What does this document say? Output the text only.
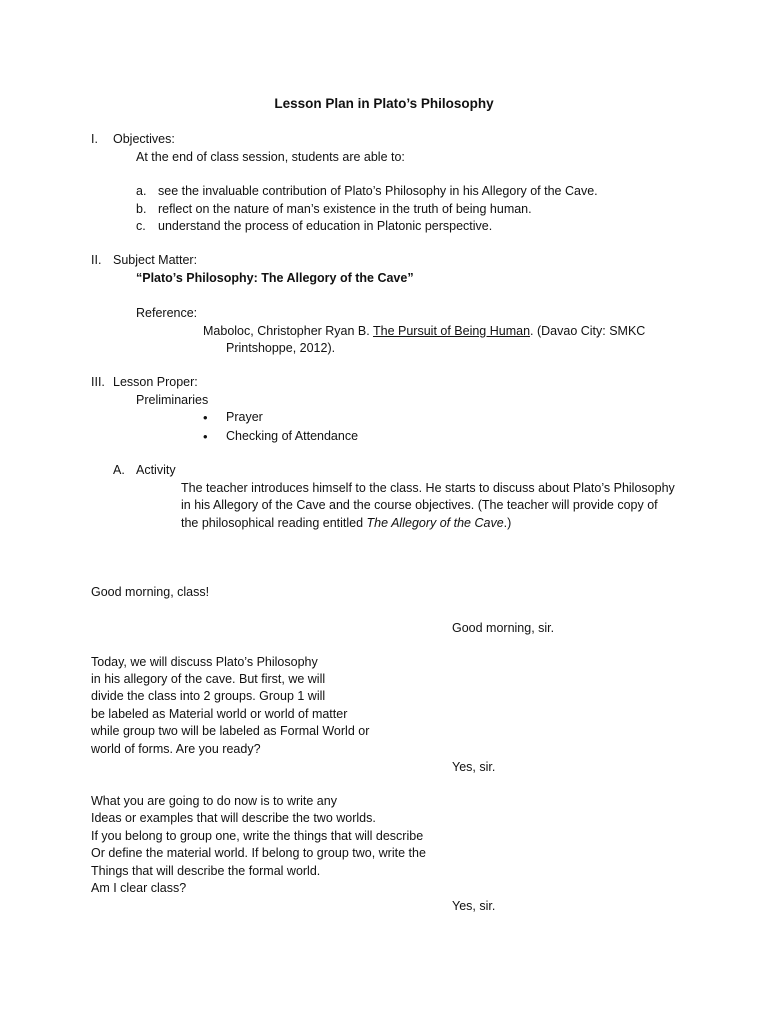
Lesson Plan in Plato’s Philosophy
I. Objectives:
At the end of class session, students are able to:
a. see the invaluable contribution of Plato’s Philosophy in his Allegory of the Cave.
b. reflect on the nature of man’s existence in the truth of being human.
c. understand the process of education in Platonic perspective.
II. Subject Matter:
“Plato’s Philosophy: The Allegory of the Cave”
Reference:
Maboloc, Christopher Ryan B. The Pursuit of Being Human. (Davao City: SMKC
Printshoppe, 2012).
III. Lesson Proper:
Preliminaries
• Prayer
• Checking of Attendance
A. Activity
The teacher introduces himself to the class. He starts to discuss about Plato’s Philosophy
in his Allegory of the Cave and the course objectives. (The teacher will provide copy of
the philosophical reading entitled The Allegory of the Cave.)
Good morning, class!
Good morning, sir.
Today, we will discuss Plato’s Philosophy
in his allegory of the cave. But first, we will
divide the class into 2 groups. Group 1 will
be labeled as Material world or world of matter
while group two will be labeled as Formal World or
world of forms. Are you ready?
Yes, sir.
What you are going to do now is to write any
Ideas or examples that will describe the two worlds.
If you belong to group one, write the things that will describe
Or define the material world. If belong to group two, write the
Things that will describe the formal world.
Am I clear class?
Yes, sir.
